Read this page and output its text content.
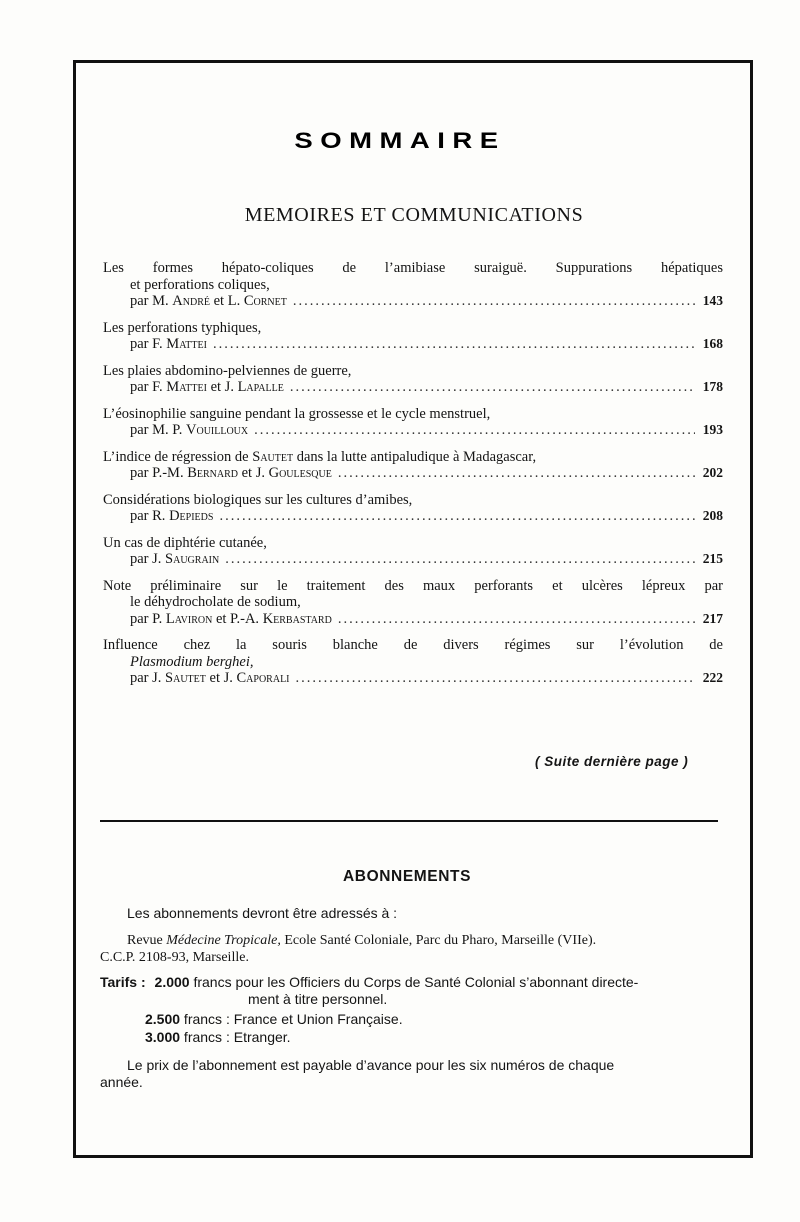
SOMMAIRE
MEMOIRES ET COMMUNICATIONS
Les formes hépato-coliques de l’amibiase suraiguë. Suppurations hépatiques
et perforations coliques,
par M. André et L. Cornet .....	143
Les perforations typhiques,
par F. Mattei .....	168
Les plaies abdomino-pelviennes de guerre,
par F. Mattei et J. Lapalle .....	178
L’éosinophilie sanguine pendant la grossesse et le cycle menstruel,
par M. P. Vouilloux .....	193
L’indice de régression de Sautet dans la lutte antipaludique à Madagascar,
par P.-M. Bernard et J. Goulesque .....	202
Considérations biologiques sur les cultures d’amibes,
par R. Depieds .....	208
Un cas de diphtérie cutanée,
par J. Saugrain .....	215
Note préliminaire sur le traitement des maux perforants et ulcères lépreux par
le déhydrocholate de sodium,
par P. Laviron et P.-A. Kerbastard .....	217
Influence chez la souris blanche de divers régimes sur l’évolution de
Plasmodium berghei,
par J. Sautet et J. Caporali .....	222
( Suite dernière page )
ABONNEMENTS
Les abonnements devront être adressés à :
Revue Médecine Tropicale, Ecole Santé Coloniale, Parc du Pharo, Marseille (VIIe).
C.C.P. 2108-93, Marseille.
Tarifs : 2.000 francs pour les Officiers du Corps de Santé Colonial s’abonnant directe-
ment à titre personnel.
2.500 francs : France et Union Française.
3.000 francs : Etranger.
Le prix de l’abonnement est payable d’avance pour les six numéros de chaque
année.
